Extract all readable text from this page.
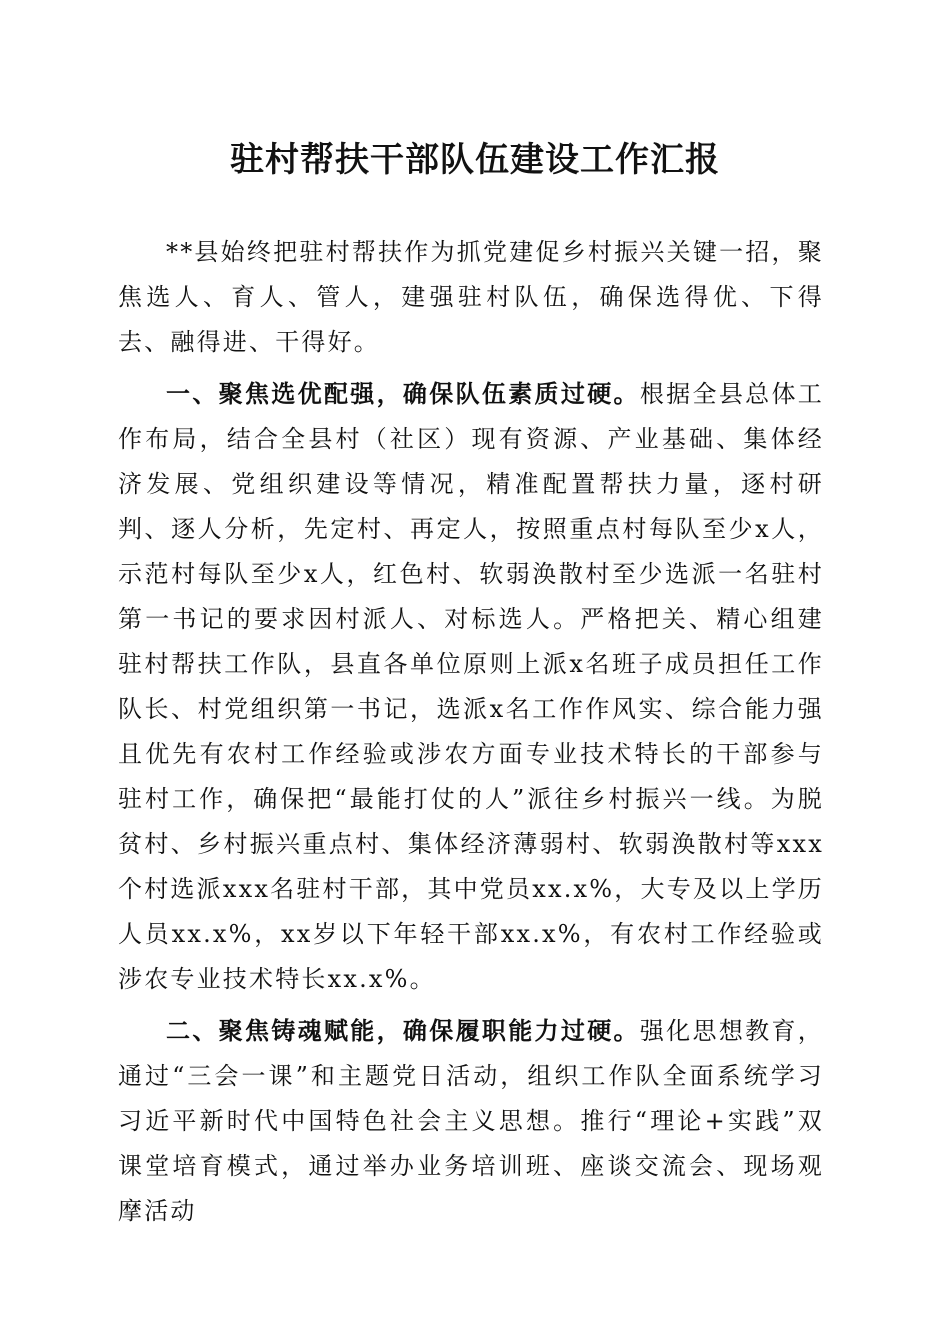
驻村帮扶干部队伍建设工作汇报

**县始终把驻村帮扶作为抓党建促乡村振兴关键一招，聚焦选人、育人、管人，建强驻村队伍，确保选得优、下得去、融得进、干得好。

一、聚焦选优配强，确保队伍素质过硬。根据全县总体工作布局，结合全县村（社区）现有资源、产业基础、集体经济发展、党组织建设等情况，精准配置帮扶力量，逐村研判、逐人分析，先定村、再定人，按照重点村每队至少x人，示范村每队至少x人，红色村、软弱涣散村至少选派一名驻村第一书记的要求因村派人、对标选人。严格把关、精心组建驻村帮扶工作队，县直各单位原则上派x名班子成员担任工作队长、村党组织第一书记，选派x名工作作风实、综合能力强且优先有农村工作经验或涉农方面专业技术特长的干部参与驻村工作，确保把“最能打仗的人”派往乡村振兴一线。为脱贫村、乡村振兴重点村、集体经济薄弱村、软弱涣散村等xxx个村选派xxx名驻村干部，其中党员xx.x%，大专及以上学历人员xx.x%，xx岁以下年轻干部xx.x%，有农村工作经验或涉农专业技术特长xx.x%。

二、聚焦铸魂赋能，确保履职能力过硬。强化思想教育，通过“三会一课”和主题党日活动，组织工作队全面系统学习习近平新时代中国特色社会主义思想。推行“理论+实践”双课堂培育模式，通过举办业务培训班、座谈交流会、现场观摩活动
